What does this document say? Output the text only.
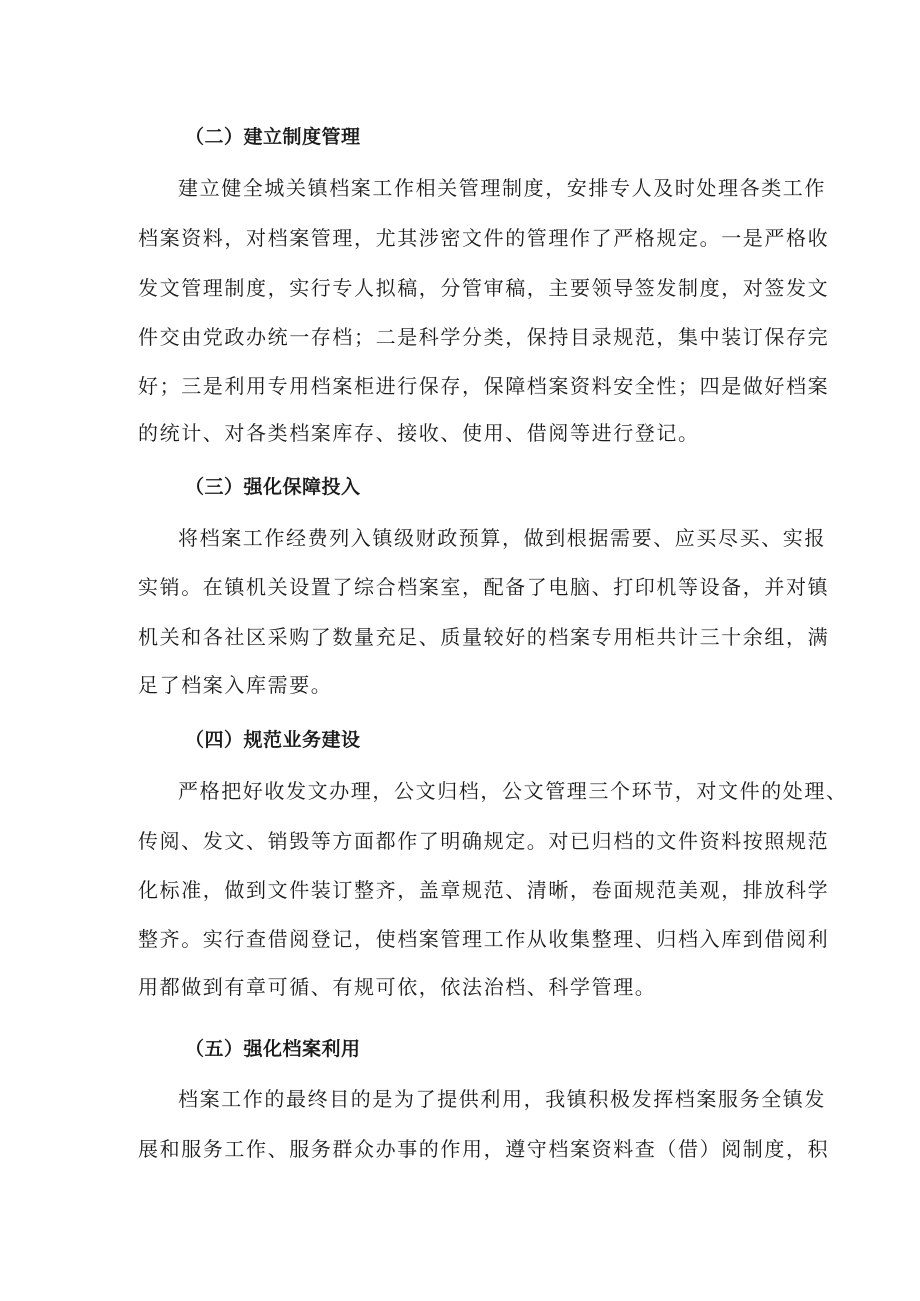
（二）建立制度管理
建立健全城关镇档案工作相关管理制度，安排专人及时处理各类工作
档案资料，对档案管理，尤其涉密文件的管理作了严格规定。一是严格收
发文管理制度，实行专人拟稿，分管审稿，主要领导签发制度，对签发文
件交由党政办统一存档；二是科学分类，保持目录规范，集中装订保存完
好；三是利用专用档案柜进行保存，保障档案资料安全性；四是做好档案
的统计、对各类档案库存、接收、使用、借阅等进行登记。
（三）强化保障投入
将档案工作经费列入镇级财政预算，做到根据需要、应买尽买、实报
实销。在镇机关设置了综合档案室，配备了电脑、打印机等设备，并对镇
机关和各社区采购了数量充足、质量较好的档案专用柜共计三十余组，满
足了档案入库需要。
（四）规范业务建设
严格把好收发文办理，公文归档，公文管理三个环节，对文件的处理、
传阅、发文、销毁等方面都作了明确规定。对已归档的文件资料按照规范
化标准，做到文件装订整齐，盖章规范、清晰，卷面规范美观，排放科学
整齐。实行查借阅登记，使档案管理工作从收集整理、归档入库到借阅利
用都做到有章可循、有规可依，依法治档、科学管理。
（五）强化档案利用
档案工作的最终目的是为了提供利用，我镇积极发挥档案服务全镇发
展和服务工作、服务群众办事的作用，遵守档案资料查（借）阅制度，积
